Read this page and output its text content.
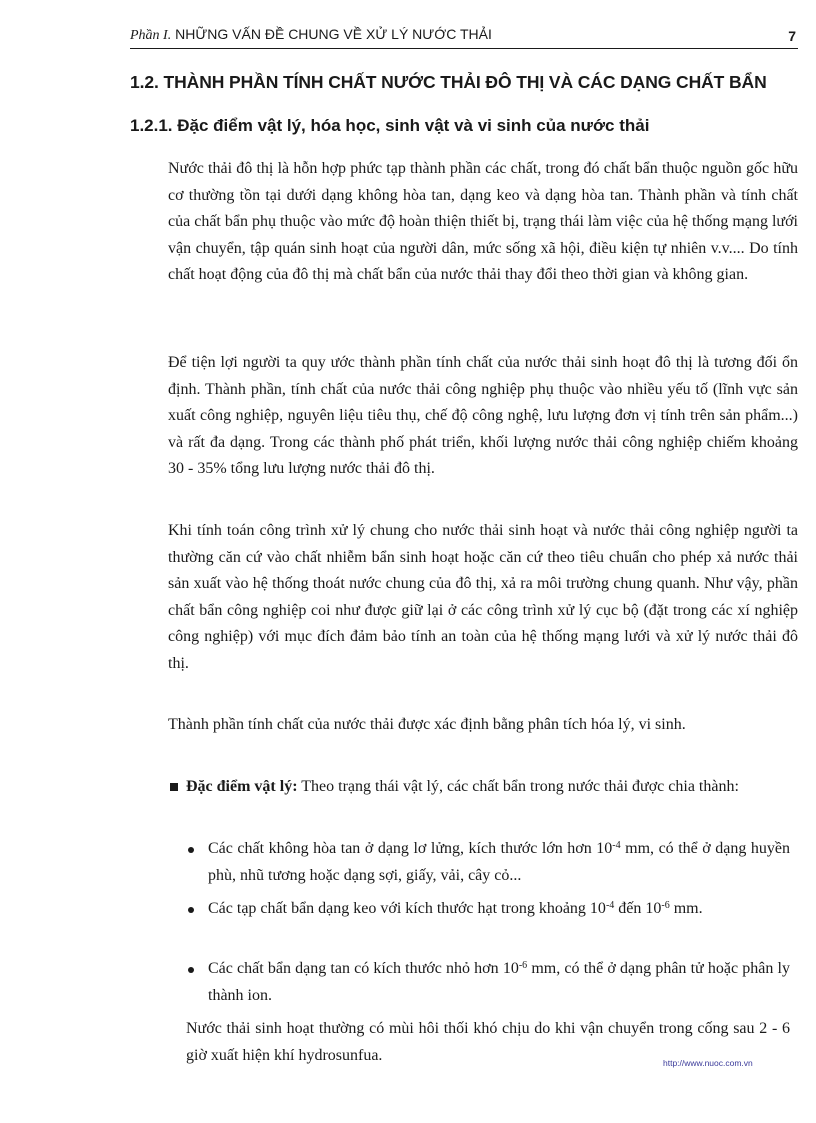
Phần I. NHỮNG VẤN ĐỀ CHUNG VỀ XỬ LÝ NƯỚC THẢI	7
1.2. THÀNH PHẦN TÍNH CHẤT NƯỚC THẢI ĐÔ THỊ VÀ CÁC DẠNG CHẤT BẨN
1.2.1. Đặc điểm vật lý, hóa học, sinh vật và vi sinh của nước thải

Nước thải đô thị là hỗn hợp phức tạp thành phần các chất, trong đó chất bẩn thuộc nguồn gốc hữu cơ thường tồn tại dưới dạng không hòa tan, dạng keo và dạng hòa tan. Thành phần và tính chất của chất bẩn phụ thuộc vào mức độ hoàn thiện thiết bị, trạng thái làm việc của hệ thống mạng lưới vận chuyển, tập quán sinh hoạt của người dân, mức sống xã hội, điều kiện tự nhiên v.v.... Do tính chất hoạt động của đô thị mà chất bẩn của nước thải thay đổi theo thời gian và không gian.

Để tiện lợi người ta quy ước thành phần tính chất của nước thải sinh hoạt đô thị là tương đối ổn định. Thành phần, tính chất của nước thải công nghiệp phụ thuộc vào nhiều yếu tố (lĩnh vực sản xuất công nghiệp, nguyên liệu tiêu thụ, chế độ công nghệ, lưu lượng đơn vị tính trên sản phẩm...) và rất đa dạng. Trong các thành phố phát triển, khối lượng nước thải công nghiệp chiếm khoảng 30 - 35% tổng lưu lượng nước thải đô thị.

Khi tính toán công trình xử lý chung cho nước thải sinh hoạt và nước thải công nghiệp người ta thường căn cứ vào chất nhiễm bẩn sinh hoạt hoặc căn cứ theo tiêu chuẩn cho phép xả nước thải sản xuất vào hệ thống thoát nước chung của đô thị, xả ra môi trường chung quanh. Như vậy, phần chất bẩn công nghiệp coi như được giữ lại ở các công trình xử lý cục bộ (đặt trong các xí nghiệp công nghiệp) với mục đích đảm bảo tính an toàn của hệ thống mạng lưới và xử lý nước thải đô thị.

Thành phần tính chất của nước thải được xác định bằng phân tích hóa lý, vi sinh.

Đặc điểm vật lý: Theo trạng thái vật lý, các chất bẩn trong nước thải được chia thành:
Các chất không hòa tan ở dạng lơ lửng, kích thước lớn hơn $10^{-4}$ mm, có thể ở dạng huyền phù, nhũ tương hoặc dạng sợi, giấy, vải, cây cỏ...
Các tạp chất bẩn dạng keo với kích thước hạt trong khoảng $10^{-4}$ đến $10^{-6}$ mm.
Các chất bẩn dạng tan có kích thước nhỏ hơn $10^{-6}$ mm, có thể ở dạng phân tử hoặc phân ly thành ion.

Nước thải sinh hoạt thường có mùi hôi thối khó chịu do khi vận chuyển trong cống sau 2 - 6 giờ xuất hiện khí hydrosunfua.	http://www.nuoc.com.vn
